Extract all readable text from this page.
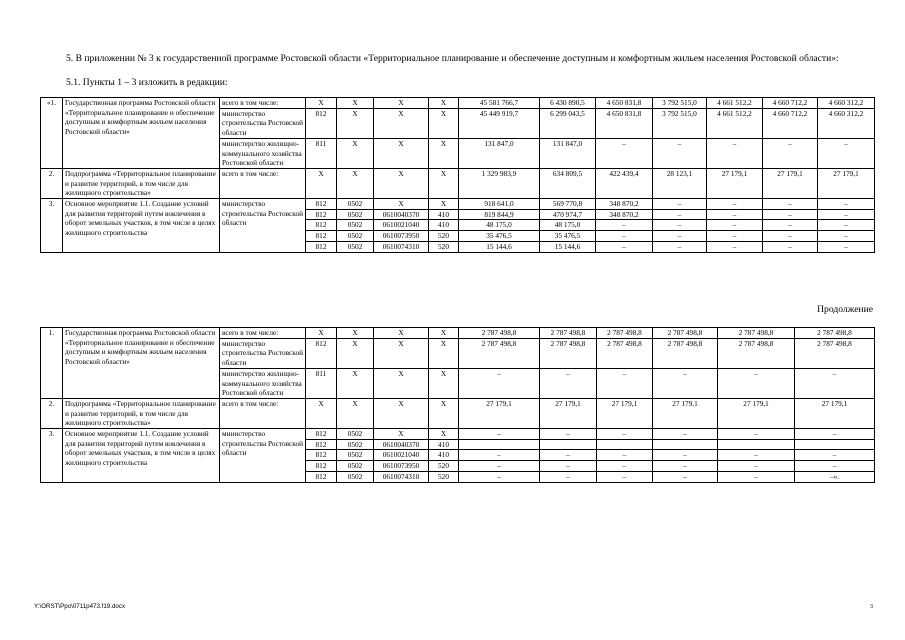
5. В приложении № 3 к государственной программе Ростовской области «Территориальное планирование и обеспечение доступным и комфортным жильем населения Ростовской области»:
5.1. Пункты 1 – 3 изложить в редакции:
«1.	Государственная программа Ростовской области «Территориальное планирование и обеспечение доступным и комфортным жильем населения Ростовской области»	всего в том числе:	Х	Х	Х	Х	45 581 766,7	6 430 890,5	4 650 831,8	3 792 515,0	4 661 512,2	4 660 712,2	4 660 312,2
		министерство строительства Ростовской области	812	Х	Х	Х	45 449 919,7	6 299 043,5	4 650 831,8	3 792 515,0	4 661 512,2	4 660 712,2	4 660 312,2
		министерство жилищно-коммунального хозяйства Ростовской области	811	Х	Х	Х	131 847,0	131 847,0	–	–	–	–	–
2.	Подпрограмма «Территориальное планирование и развитие территорий, в том числе для жилищного строительства»	всего в том числе:	Х	Х	Х	Х	1 329 983,9	634 809,5	422 439,4	28 123,1	27 179,1	27 179,1	27 179,1
3.	Основное мероприятие 1.1. Создание условий для развития территорий путем вовлечения в оборот земельных участков, в том числе в целях жилищного строительства	министерство строительства Ростовской области	812	0502	Х	Х	918 641,0	569 770,8	348 870,2	–	–	–	–
			812	0502	0610040370	410	819 844,9	470 974,7	348 870,2	–	–	–	–
			812	0502	0610021040	410	48 175,0	48 175,0	–	–	–	–	–
			812	0502	0610073950	520	35 476,5	35 476,5	–	–	–	–	–
			812	0502	0610074310	520	15 144,6	15 144,6	–	–	–	–	–
Продолжение
1.	Государственная программа Ростовской области «Территориальное планирование и обеспечение доступным и комфортным жильем населения Ростовской области»	всего в том числе:	Х	Х	Х	Х	2 787 498,8	2 787 498,8	2 787 498,8	2 787 498,8	2 787 498,8	2 787 498,8
		министерство строительства Ростовской области	812	Х	Х	Х	2 787 498,8	2 787 498,8	2 787 498,8	2 787 498,8	2 787 498,8	2 787 498,8
		министерство жилищно-коммунального хозяйства Ростовской области	811	Х	Х	Х	–	–	–	–	–	–
2.	Подпрограмма «Территориальное планирование и развитие территорий, в том числе для жилищного строительства»	всего в том числе:	Х	Х	Х	Х	27 179,1	27 179,1	27 179,1	27 179,1	27 179,1	27 179,1
3.	Основное мероприятие 1.1. Создание условий для развития территорий путем вовлечения в оборот земельных участков, в том числе в целях жилищного строительства	министерство строительства Ростовской области	812	0502	Х	Х	–	–	–	–	–	–
			812	0502	0610040370	410						
			812	0502	0610021040	410	–	–	–	–	–	–
			812	0502	0610073950	520	–	–	–	–	–	–
			812	0502	0610074310	520	–	–	–	–	–	–».
Y:\ORST\Ppo\0711p473.f19.docx	3
